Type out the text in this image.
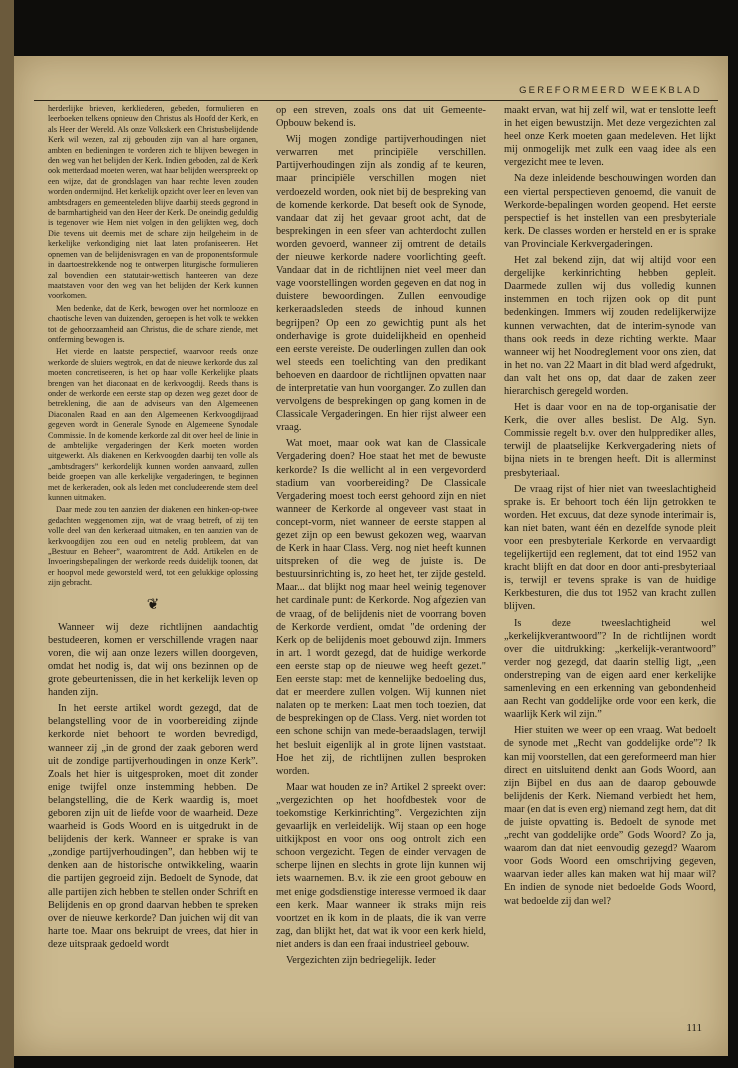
GEREFORMEERD WEEKBLAD

herderlijke brieven, kerkliederen, gebeden, formulieren en leerboeken telkens opnieuw den Christus als Hoofd der Kerk, en als Heer der Wereld. Als onze Volkskerk een Christusbelijdende Kerk wil wezen, zal zij gebouden zijn van al hare organen, ambten en bedieningen te vorderen zich te blijven bewegen in den weg van het belijden der Kerk. Indien geboden, zal de Kerk ook metterdaad moeten weren, wat haar belijden weerspreekt op een wijze, dat de grondslagen van haar rechte leven zouden worden ondermijnd. Het kerkelijk opzicht over leer en leven van ambtsdragers en gemeenteleden blijve daarbij steeds gegrond in de barmhartigheid van den Heer der Kerk. De oneindig geduldig is tegenover wie Hem niet volgen in den gelijkten weg, doch Die tevens uit deernis met de schare zijn heilgeheim in de kerkelijke verkondiging niet laat laten profaniseeren. Het opnemen van de belijdenisvragen en van de proponentsformule in daartoestrekkende nog te ontwerpen liturgische formulieren zal bovendien een statutair-wettisch hanteeren van deze maatstaven voor den weg van het belijden der Kerk kunnen voorkomen.

Men bedenke, dat de Kerk, bewogen over het normlooze en chaotische leven van duizenden, geroepen is het volk te wekken tot de gehoorzaamheid aan Christus, die de schare ziende, met ontferming bewogen is.

Het vierde en laatste perspectief, waarvoor reeds onze werkorde de sluiers wegtrok, en dat de nieuwe kerkorde dus zal moeten concretiseeren, is het op haar volle Kerkelijke plaats brengen van het diaconaat en de kerkvoogdij. Reeds thans is onder de werkorde een eerste stap op dezen weg gezet door de betreklening, die aan de adviseurs van den Algemeenen Diaconalen Raad en aan den Algemeenen Kerkvoogdijraad gegeven wordt in Generale Synode en Algemeene Synodale Commissie. In de komende kerkorde zal dit over heel de linie in de ambtelijke vergaderingen der Kerk moeten worden uitgewerkt. Als diakenen en Kerkvoogden daarbij ten volle als „ambtsdragers” kerkordelijk kunnen worden aanvaard, zullen beide groepen van alle kerkelijke vergaderingen, te beginnen met de kerkeraden, ook als leden met concludeerende stem deel kunnen uitmaken.

Daar mede zou ten aanzien der diakenen een hinken-op-twee gedachten weggenomen zijn, wat de vraag betreft, of zij ten volle deel van den kerkeraad uitmaken, en ten aanzien van de kerkvoogdijen zou een oud en netelig probleem, dat van „Bestuur en Beheer”, waaromtrent de Add. Artikelen en de Invoeringsbepalingen der werkorde reeds duidelijk toonen, dat er hoopvol mede geworsteld werd, tot een gelukkige oplossing zijn gebracht.

❦

Wanneer wij deze richtlijnen aandachtig bestudeeren, komen er verschillende vragen naar voren, die wij aan onze lezers willen doorgeven, omdat het nodig is, dat wij ons bezinnen op de grote gebeurtenissen, die in het kerkelijk leven op handen zijn.

In het eerste artikel wordt gezegd, dat de belangstelling voor de in voorbereiding zijnde kerkorde niet behoort te worden bevredigd, wanneer zij „in de grond der zaak geboren werd uit de zondige partijverhoudingen in onze Kerk”. Zoals het hier is uitgesproken, moet dit zonder enige twijfel onze instemming hebben. De belangstelling, die de Kerk waardig is, moet geboren zijn uit de liefde voor de waarheid. Deze waarheid is Gods Woord en is uitgedrukt in de belijdenis der kerk. Wanneer er sprake is van „zondige partijverhoudingen”, dan hebben wij te denken aan de historische ontwikkeling, waarin die partijen gegroeid zijn. Bedoelt de Synode, dat alle partijen zich hebben te stellen onder Schrift en Belijdenis en op grond daarvan hebben te spreken over de nieuwe kerkorde? Dan juichen wij dit van harte toe. Maar ons bekruipt de vrees, dat hier in deze uitspraak gedoeld wordt

op een streven, zoals ons dat uit Gemeente-Opbouw bekend is.

Wij mogen zondige partijverhoudingen niet verwarren met principiële verschillen. Partijverhoudingen zijn als zondig af te keuren, maar principiële verschillen mogen niet verdoezeld worden, ook niet bij de bespreking van de komende kerkorde. Dat beseft ook de Synode, vandaar dat zij het gevaar groot acht, dat de besprekingen in een sfeer van achterdocht zullen worden gevoerd, wanneer zij omtrent de details der nieuwe kerkorde nadere voorlichting geeft. Vandaar dat in de richtlijnen niet veel meer dan vage voorstellingen worden gegeven en dat nog in duistere bewoordingen. Zullen eenvoudige kerkeraadsleden steeds de inhoud kunnen begrijpen? Op een zo gewichtig punt als het onderhavige is grote duidelijkheid en openheid een eerste vereiste. De ouderlingen zullen dan ook wel steeds een toelichting van den predikant behoeven en daardoor de richtlijnen opvatten naar de interpretatie van hun voorganger. Zo zullen dan vervolgens de besprekingen op gang komen in de Classicale Vergaderingen. En hier rijst alweer een vraag.

Wat moet, maar ook wat kan de Classicale Vergadering doen? Hoe staat het met de bewuste kerkorde? Is die wellicht al in een vergevorderd stadium van voorbereiding? De Classicale Vergadering moest toch eerst gehoord zijn en niet wanneer de Kerkorde al ongeveer vast staat in concept-vorm, niet wanneer de eerste stappen al gezet zijn op een bewust gekozen weg, waarvan de Kerk in haar Class. Verg. nog niet heeft kunnen uitspreken of die weg de juiste is. De bestuursinrichting is, zo heet het, ter zijde gesteld. Maar... dat blijkt nog maar heel weinig tegenover het cardinale punt: de Kerkorde. Nog afgezien van de vraag, of de belijdenis niet de voorrang boven de Kerkorde verdient, omdat "de ordening der Kerk op de belijdenis moet gebouwd zijn. Immers in art. 1 wordt gezegd, dat de huidige werkorde een eerste stap op de nieuwe weg heeft gezet." Een eerste stap: met de kennelijke bedoeling dus, dat er meerdere zullen volgen. Wij kunnen niet nalaten op te merken: Laat men toch toezien, dat de besprekingen op de Class. Verg. niet worden tot een schone schijn van mede-beraadslagen, terwijl het besluit eigenlijk al in grote lijnen vaststaat. Hoe het zij, de richtlijnen zullen besproken worden.

Maar wat houden ze in? Artikel 2 spreekt over: „vergezichten op het hoofdbestek voor de toekomstige Kerkinrichting”. Vergezichten zijn gevaarlijk en verleidelijk. Wij staan op een hoge uitkijkpost en voor ons oog ontrolt zich een schoon vergezicht. Tegen de einder vervagen de scherpe lijnen en slechts in grote lijn kunnen wij iets waarnemen. B.v. ik zie een groot gebouw en met enige godsdienstige interesse vermoed ik daar een kerk. Maar wanneer ik straks mijn reis voortzet en ik kom in de plaats, die ik van verre zag, dan blijkt het, dat wat ik voor een kerk hield, niet anders is dan een fraai industrieel gebouw.

Vergezichten zijn bedriegelijk. Ieder

maakt ervan, wat hij zelf wil, wat er tenslotte leeft in het eigen bewustzijn. Met deze vergezichten zal heel onze Kerk moeten gaan medeleven. Het lijkt mij onmogelijk met zulk een vaag idee als een vergezicht mee te leven.

Na deze inleidende beschouwingen worden dan een viertal perspectieven genoemd, die vanuit de Werkorde-bepalingen worden geopend. Het eerste perspectief is het instellen van een presbyteriale kerk. De classes worden er hersteld en er is sprake van Provinciale Kerkvergaderingen.

Het zal bekend zijn, dat wij altijd voor een dergelijke kerkinrichting hebben gepleit. Daarmede zullen wij dus volledig kunnen instemmen en toch rijzen ook op dit punt bedenkingen. Immers wij zouden redelijkerwijze kunnen verwachten, dat de interim-synode van thans ook reeds in deze richting werkte. Maar wanneer wij het Noodreglement voor ons zien, dat in het no. van 22 Maart in dit blad werd afgedrukt, dan valt het ons op, dat daar de zaken zeer hierarchisch geregeld worden.

Het is daar voor en na de top-organisatie der Kerk, die over alles beslist. De Alg. Syn. Commissie regelt b.v. over den hulpprediker alles, terwijl de plaatselijke Kerkvergadering niets of bijna niets in te brengen heeft. Dit is allerminst presbyteriaal.

De vraag rijst of hier niet van tweeslachtigheid sprake is. Er behoort toch één lijn getrokken te worden. Het excuus, dat deze synode interimair is, kan niet baten, want één en dezelfde synode pleit voor een presbyteriale Kerkorde en vervaardigt tegelijkertijd een reglement, dat tot eind 1952 van kracht blijft en dat door en door anti-presbyteriaal is, terwijl er tevens sprake is van de huidige Kerkbesturen, die dus tot 1952 van kracht zullen blijven.

Is deze tweeslachtigheid wel „kerkelijkverantwoord”? In de richtlijnen wordt over die uitdrukking: „kerkelijk-verantwoord” verder nog gezegd, dat daarin stellig ligt, „een onderstreping van de eigen aard ener kerkelijke samenleving en een erkenning van gebondenheid aan Recht van goddelijke orde voor een kerk, die waarlijk Kerk wil zijn.”

Hier stuiten we weer op een vraag. Wat bedoelt de synode met „Recht van goddelijke orde”? Ik kan mij voorstellen, dat een gereformeerd man hier direct en uitsluitend denkt aan Gods Woord, aan zijn Bijbel en dus aan de daarop gebouwde belijdenis der Kerk. Niemand verbiedt het hem, maar (en dat is even erg) niemand zegt hem, dat dit de juiste opvatting is. Bedoelt de synode met „recht van goddelijke orde” Gods Woord? Zo ja, waarom dan dat niet eenvoudig gezegd? Waarom voor Gods Woord een omschrijving gegeven, waarvan ieder alles kan maken wat hij maar wil? En indien de synode niet bedoelde Gods Woord, wat bedoelde zij dan wel?

111
